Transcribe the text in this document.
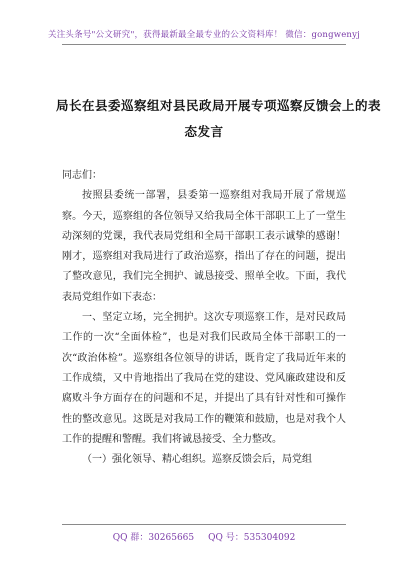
关注头条号"公文研究"，获得最新最全最专业的公文资料库！ 微信：gongwenyj
局长在县委巡察组对县民政局开展专项巡察反馈会上的表
态发言

同志们：

按照县委统一部署，县委第一巡察组对我局开展了常规巡察。今天，巡察组的各位领导又给我局全体干部职工上了一堂生动深刻的党课，我代表局党组和全局干部职工表示诚挚的感谢！刚才，巡察组对我局进行了政治巡察，指出了存在的问题，提出了整改意见，我们完全拥护、诚恳接受、照单全收。下面，我代表局党组作如下表态：

一、坚定立场，完全拥护。这次专项巡察工作，是对民政局工作的一次“全面体检”，也是对我们民政局全体干部职工的一次“政治体检”。巡察组各位领导的讲话，既肯定了我局近年来的工作成绩，又中肯地指出了我局在党的建设、党风廉政建设和反腐败斗争方面存在的问题和不足，并提出了具有针对性和可操作性的整改意见。这既是对我局工作的鞭策和鼓励，也是对我个人工作的提醒和警醒。我们将诚恳接受、全力整改。

（一）强化领导、精心组织。巡察反馈会后，局党组

QQ 群：30265665 QQ 号：535304092
